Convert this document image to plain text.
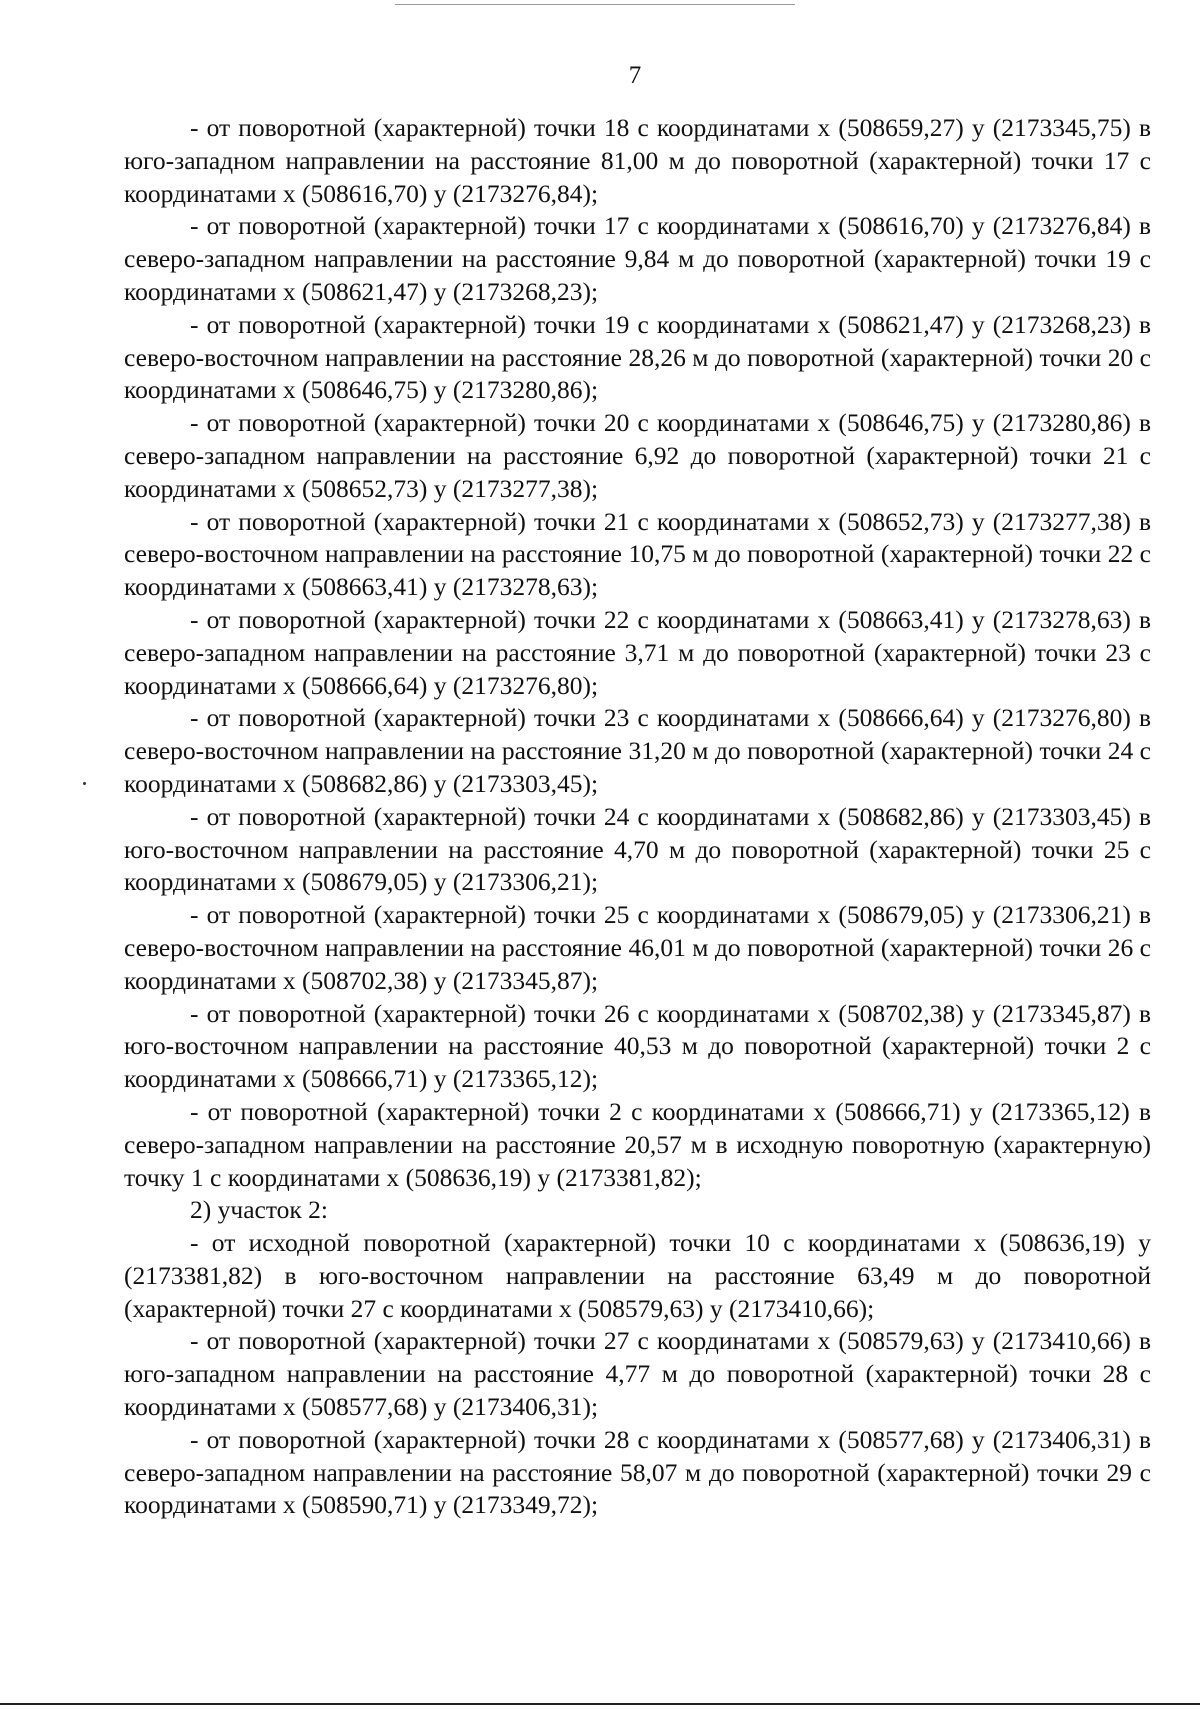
7

- от поворотной (характерной) точки 18 с координатами х (508659,27) у (2173345,75) в юго-западном направлении на расстояние 81,00 м до поворотной (характерной) точки 17 с координатами х (508616,70) у (2173276,84);

- от поворотной (характерной) точки 17 с координатами х (508616,70) у (2173276,84) в северо-западном направлении на расстояние 9,84 м до поворотной (характерной) точки 19 с координатами х (508621,47) у (2173268,23);

- от поворотной (характерной) точки 19 с координатами х (508621,47) у (2173268,23) в северо-восточном направлении на расстояние 28,26 м до поворотной (характерной) точки 20 с координатами х (508646,75) у (2173280,86);

- от поворотной (характерной) точки 20 с координатами х (508646,75) у (2173280,86) в северо-западном направлении на расстояние 6,92 до поворотной (характерной) точки 21 с координатами х (508652,73) у (2173277,38);

- от поворотной (характерной) точки 21 с координатами х (508652,73) у (2173277,38) в северо-восточном направлении на расстояние 10,75 м до поворотной (характерной) точки 22 с координатами х (508663,41) у (2173278,63);

- от поворотной (характерной) точки 22 с координатами х (508663,41) у (2173278,63) в северо-западном направлении на расстояние 3,71 м до поворотной (характерной) точки 23 с координатами х (508666,64) у (2173276,80);

- от поворотной (характерной) точки 23 с координатами х (508666,64) у (2173276,80) в северо-восточном направлении на расстояние 31,20 м до поворотной (характерной) точки 24 с координатами х (508682,86) у (2173303,45);

- от поворотной (характерной) точки 24 с координатами х (508682,86) у (2173303,45) в юго-восточном направлении на расстояние 4,70 м до поворотной (характерной) точки 25 с координатами х (508679,05) у (2173306,21);

- от поворотной (характерной) точки 25 с координатами х (508679,05) у (2173306,21) в северо-восточном направлении на расстояние 46,01 м до поворотной (характерной) точки 26 с координатами х (508702,38) у (2173345,87);

- от поворотной (характерной) точки 26 с координатами х (508702,38) у (2173345,87) в юго-восточном направлении на расстояние 40,53 м до поворотной (характерной) точки 2 с координатами х (508666,71) у (2173365,12);

- от поворотной (характерной) точки 2 с координатами х (508666,71) у (2173365,12) в северо-западном направлении на расстояние 20,57 м в исходную поворотную (характерную) точку 1 с координатами х (508636,19) у (2173381,82);

2) участок 2:

- от исходной поворотной (характерной) точки 10 с координатами х (508636,19) у (2173381,82) в юго-восточном направлении на расстояние 63,49 м до поворотной (характерной) точки 27 с координатами х (508579,63) у (2173410,66);

- от поворотной (характерной) точки 27 с координатами х (508579,63) у (2173410,66) в юго-западном направлении на расстояние 4,77 м до поворотной (характерной) точки 28 с координатами х (508577,68) у (2173406,31);

- от поворотной (характерной) точки 28 с координатами х (508577,68) у (2173406,31) в северо-западном направлении на расстояние 58,07 м до поворотной (характерной) точки 29 с координатами х (508590,71) у (2173349,72);
